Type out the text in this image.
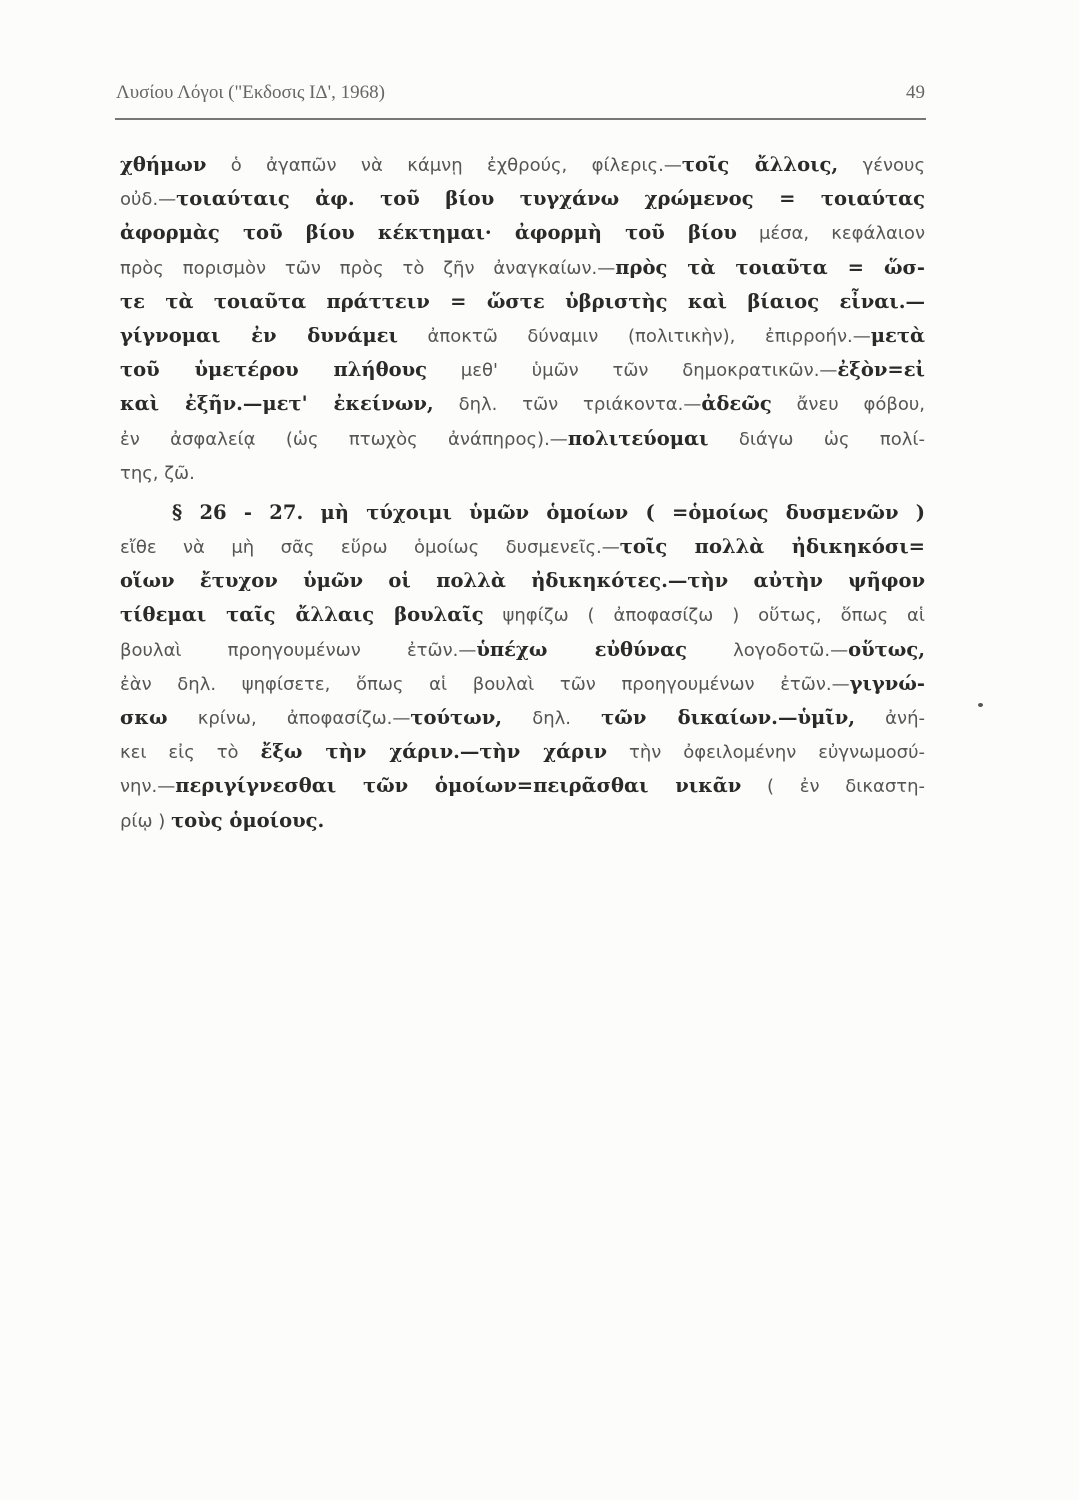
Λυσίου Λόγοι ("Εκδοσις ΙΔ', 1968)	49
χθήμων ὁ ἀγαπῶν νὰ κάμνῃ ἐχθρούς, φίλερις.—τοῖς ἄλλοις, γένους
οὐδ.—τοιαύταις ἀφ. τοῦ βίου τυγχάνω χρώμενος = τοιαύτας
ἀφορμὰς τοῦ βίου κέκτημαι· ἀφορμὴ τοῦ βίου μέσα, κεφάλαιον
πρὸς πορισμὸν τῶν πρὸς τὸ ζῆν ἀναγκαίων.—πρὸς τὰ τοιαῦτα = ὥσ-
τε τὰ τοιαῦτα πράττειν = ὥστε ὑβριστὴς καὶ βίαιος εἶναι.—
γίγνομαι ἐν δυνάμει ἀποκτῶ δύναμιν (πολιτικὴν), ἐπιρροήν.—μετὰ
τοῦ ὑμετέρου πλήθους μεθ' ὑμῶν τῶν δημοκρατικῶν.—ἐξὸν=εἰ
καὶ ἐξῆν.—μετ' ἐκείνων, δηλ. τῶν τριάκοντα.—ἀδεῶς ἄνευ φόβου,
ἐν ἀσφαλείᾳ (ὡς πτωχὸς ἀνάπηρος).—πολιτεύομαι διάγω ὡς πολί-
της, ζῶ.
§ 26 - 27. μὴ τύχοιμι ὑμῶν ὁμοίων ( =ὁμοίως δυσμενῶν )
εἴθε νὰ μὴ σᾶς εὕρω ὁμοίως δυσμενεῖς.—τοῖς πολλὰ ἠδικηκόσι=
οἵων ἔτυχον ὑμῶν οἱ πολλὰ ἠδικηκότες.—τὴν αὐτὴν ψῆφον
τίθεμαι ταῖς ἄλλαις βουλαῖς ψηφίζω ( ἀποφασίζω ) οὕτως, ὅπως αἱ
βουλαὶ προηγουμένων ἐτῶν.—ὑπέχω εὐθύνας λογοδοτῶ.—οὕτως,
ἐὰν δηλ. ψηφίσετε, ὅπως αἱ βουλαὶ τῶν προηγουμένων ἐτῶν.—γιγνώ-
σκω κρίνω, ἀποφασίζω.—τούτων, δηλ. τῶν δικαίων.—ὑμῖν, ἀνή-
κει εἰς τὸ ἔξω τὴν χάριν.—τὴν χάριν τὴν ὀφειλομένην εὐγνωμοσύ-
νην.—περιγίγνεσθαι τῶν ὁμοίων=πειρᾶσθαι νικᾶν ( ἐν δικαστη-
ρίῳ ) τοὺς ὁμοίους.
